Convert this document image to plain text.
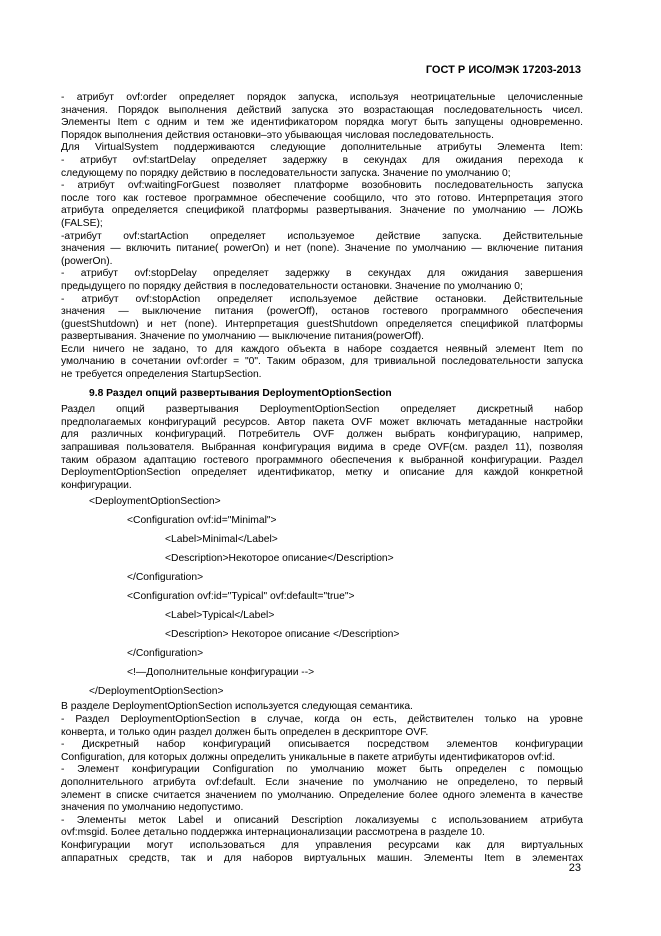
ГОСТ Р ИСО/МЭК 17203-2013
- атрибут ovf:order определяет порядок запуска, используя неотрицательные целочисленные
значения. Порядок выполнения действий запуска это возрастающая последовательность чисел.
Элементы Item с одним и тем же идентификатором порядка могут быть запущены одновременно.
Порядок выполнения действия остановки–это убывающая числовая последовательность.
Для VirtualSystem поддерживаются следующие дополнительные атрибуты Элемента Item:
- атрибут ovf:startDelay определяет задержку в секундах для ожидания перехода к
следующему по порядку действию в последовательности запуска. Значение по умолчанию 0;
- атрибут ovf:waitingForGuest позволяет платформе возобновить последовательность запуска
после того как гостевое программное обеспечение сообщило, что это готово. Интерпретация этого
атрибута определяется спецификой платформы развертывания. Значение по умолчанию — ЛОЖЬ
(FALSE);
-атрибут ovf:startAction определяет используемое действие запуска. Действительные
значения — включить питание( powerOn) и нет (none). Значение по умолчанию — включение питания
(powerOn).
- атрибут ovf:stopDelay определяет задержку в секундах для ожидания завершения
предыдущего по порядку действия в последовательности остановки. Значение по умолчанию 0;
- атрибут ovf:stopAction определяет используемое действие остановки. Действительные
значения — выключение питания (powerOff), останов гостевого программного обеспечения
(guestShutdown) и нет (none). Интерпретация guestShutdown определяется спецификой платформы
развертывания. Значение по умолчанию — выключение питания(powerOff).
Если ничего не задано, то для каждого объекта в наборе создается неявный элемент Item по
умолчанию в сочетании ovf:order = "0". Таким образом, для тривиальной последовательности запуска
не требуется определения StartupSection.
9.8 Раздел опций развертывания DeploymentOptionSection
Раздел опций развертывания DeploymentOptionSection определяет дискретный набор
предполагаемых конфигураций ресурсов. Автор пакета OVF может включать метаданные настройки
для различных конфигураций. Потребитель OVF должен выбрать конфигурацию, например,
запрашивая пользователя. Выбранная конфигурация видима в среде OVF(см. раздел 11), позволяя
таким образом адаптацию гостевого программного обеспечения к выбранной конфигурации. Раздел
DeploymentOptionSection определяет идентификатор, метку и описание для каждой конкретной
конфигурации.
<DeploymentOptionSection>
<Configuration ovf:id="Minimal">
<Label>Minimal</Label>
<Description>Некоторое описание</Description>
</Configuration>
<Configuration ovf:id="Typical" ovf:default="true">
<Label>Typical</Label>
<Description> Некоторое описание </Description>
</Configuration>
<!—Дополнительные конфигурации -->
</DeploymentOptionSection>
В разделе DeploymentOptionSection используется следующая семантика.
- Раздел DeploymentOptionSection в случае, когда он есть, действителен только на уровне
конверта, и только один раздел должен быть определен в дескрипторе OVF.
- Дискретный набор конфигураций описывается посредством элементов конфигурации
Configuration, для которых должны определить уникальные в пакете атрибуты идентификаторов ovf:id.
- Элемент конфигурации Configuration по умолчанию может быть определен с помощью
дополнительного атрибута ovf:default. Если значение по умолчанию не определено, то первый
элемент в списке считается значением по умолчанию. Определение более одного элемента в качестве
значения по умолчанию недопустимо.
- Элементы меток Label и описаний Description локализуемы с использованием атрибута
ovf:msgid. Более детально поддержка интернационализации рассмотрена в разделе 10.
Конфигурации могут использоваться для управления ресурсами как для виртуальных
аппаратных средств, так и для наборов виртуальных машин. Элементы Item в элементах
23
